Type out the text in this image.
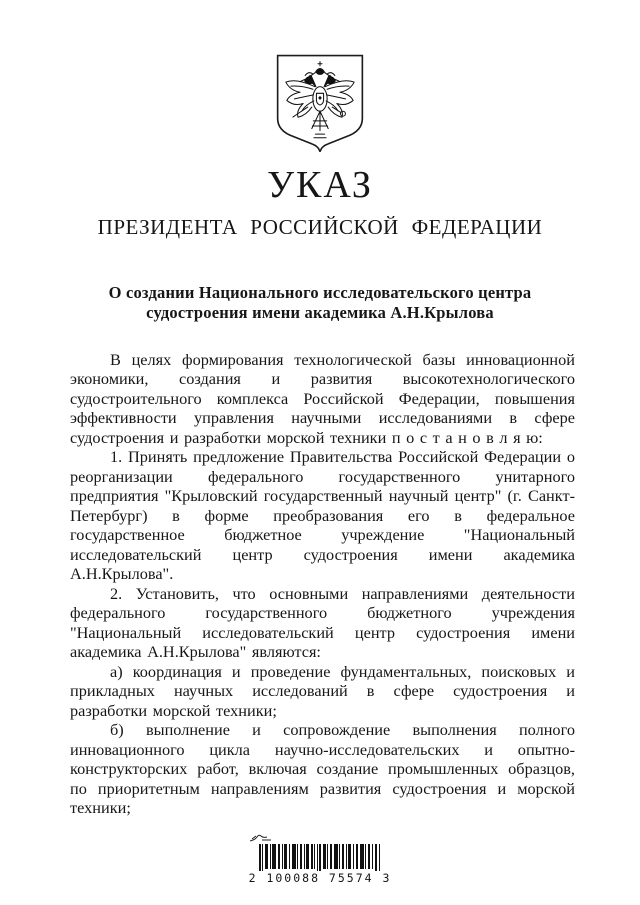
УКАЗ
ПРЕЗИДЕНТА РОССИЙСКОЙ ФЕДЕРАЦИИ
О создании Национального исследовательского центра
судостроения имени академика А.Н.Крылова

В целях формирования технологической базы инновационной экономики, создания и развития высокотехнологического судостроительного комплекса Российской Федерации, повышения эффективности управления научными исследованиями в сфере судостроения и разработки морской техники п о с т а н о в л я ю:

1. Принять предложение Правительства Российской Федерации о реорганизации федерального государственного унитарного предприятия "Крыловский государственный научный центр" (г. Санкт-Петербург) в форме преобразования его в федеральное государственное бюджетное учреждение "Национальный исследовательский центр судостроения имени академика А.Н.Крылова".

2. Установить, что основными направлениями деятельности федерального государственного бюджетного учреждения "Национальный исследовательский центр судостроения имени академика А.Н.Крылова" являются:

а) координация и проведение фундаментальных, поисковых и прикладных научных исследований в сфере судостроения и разработки морской техники;

б) выполнение и сопровождение выполнения полного инновационного цикла научно-исследовательских и опытно-конструкторских работ, включая создание промышленных образцов, по приоритетным направлениям развития судостроения и морской техники;

2 100088 75574 3
